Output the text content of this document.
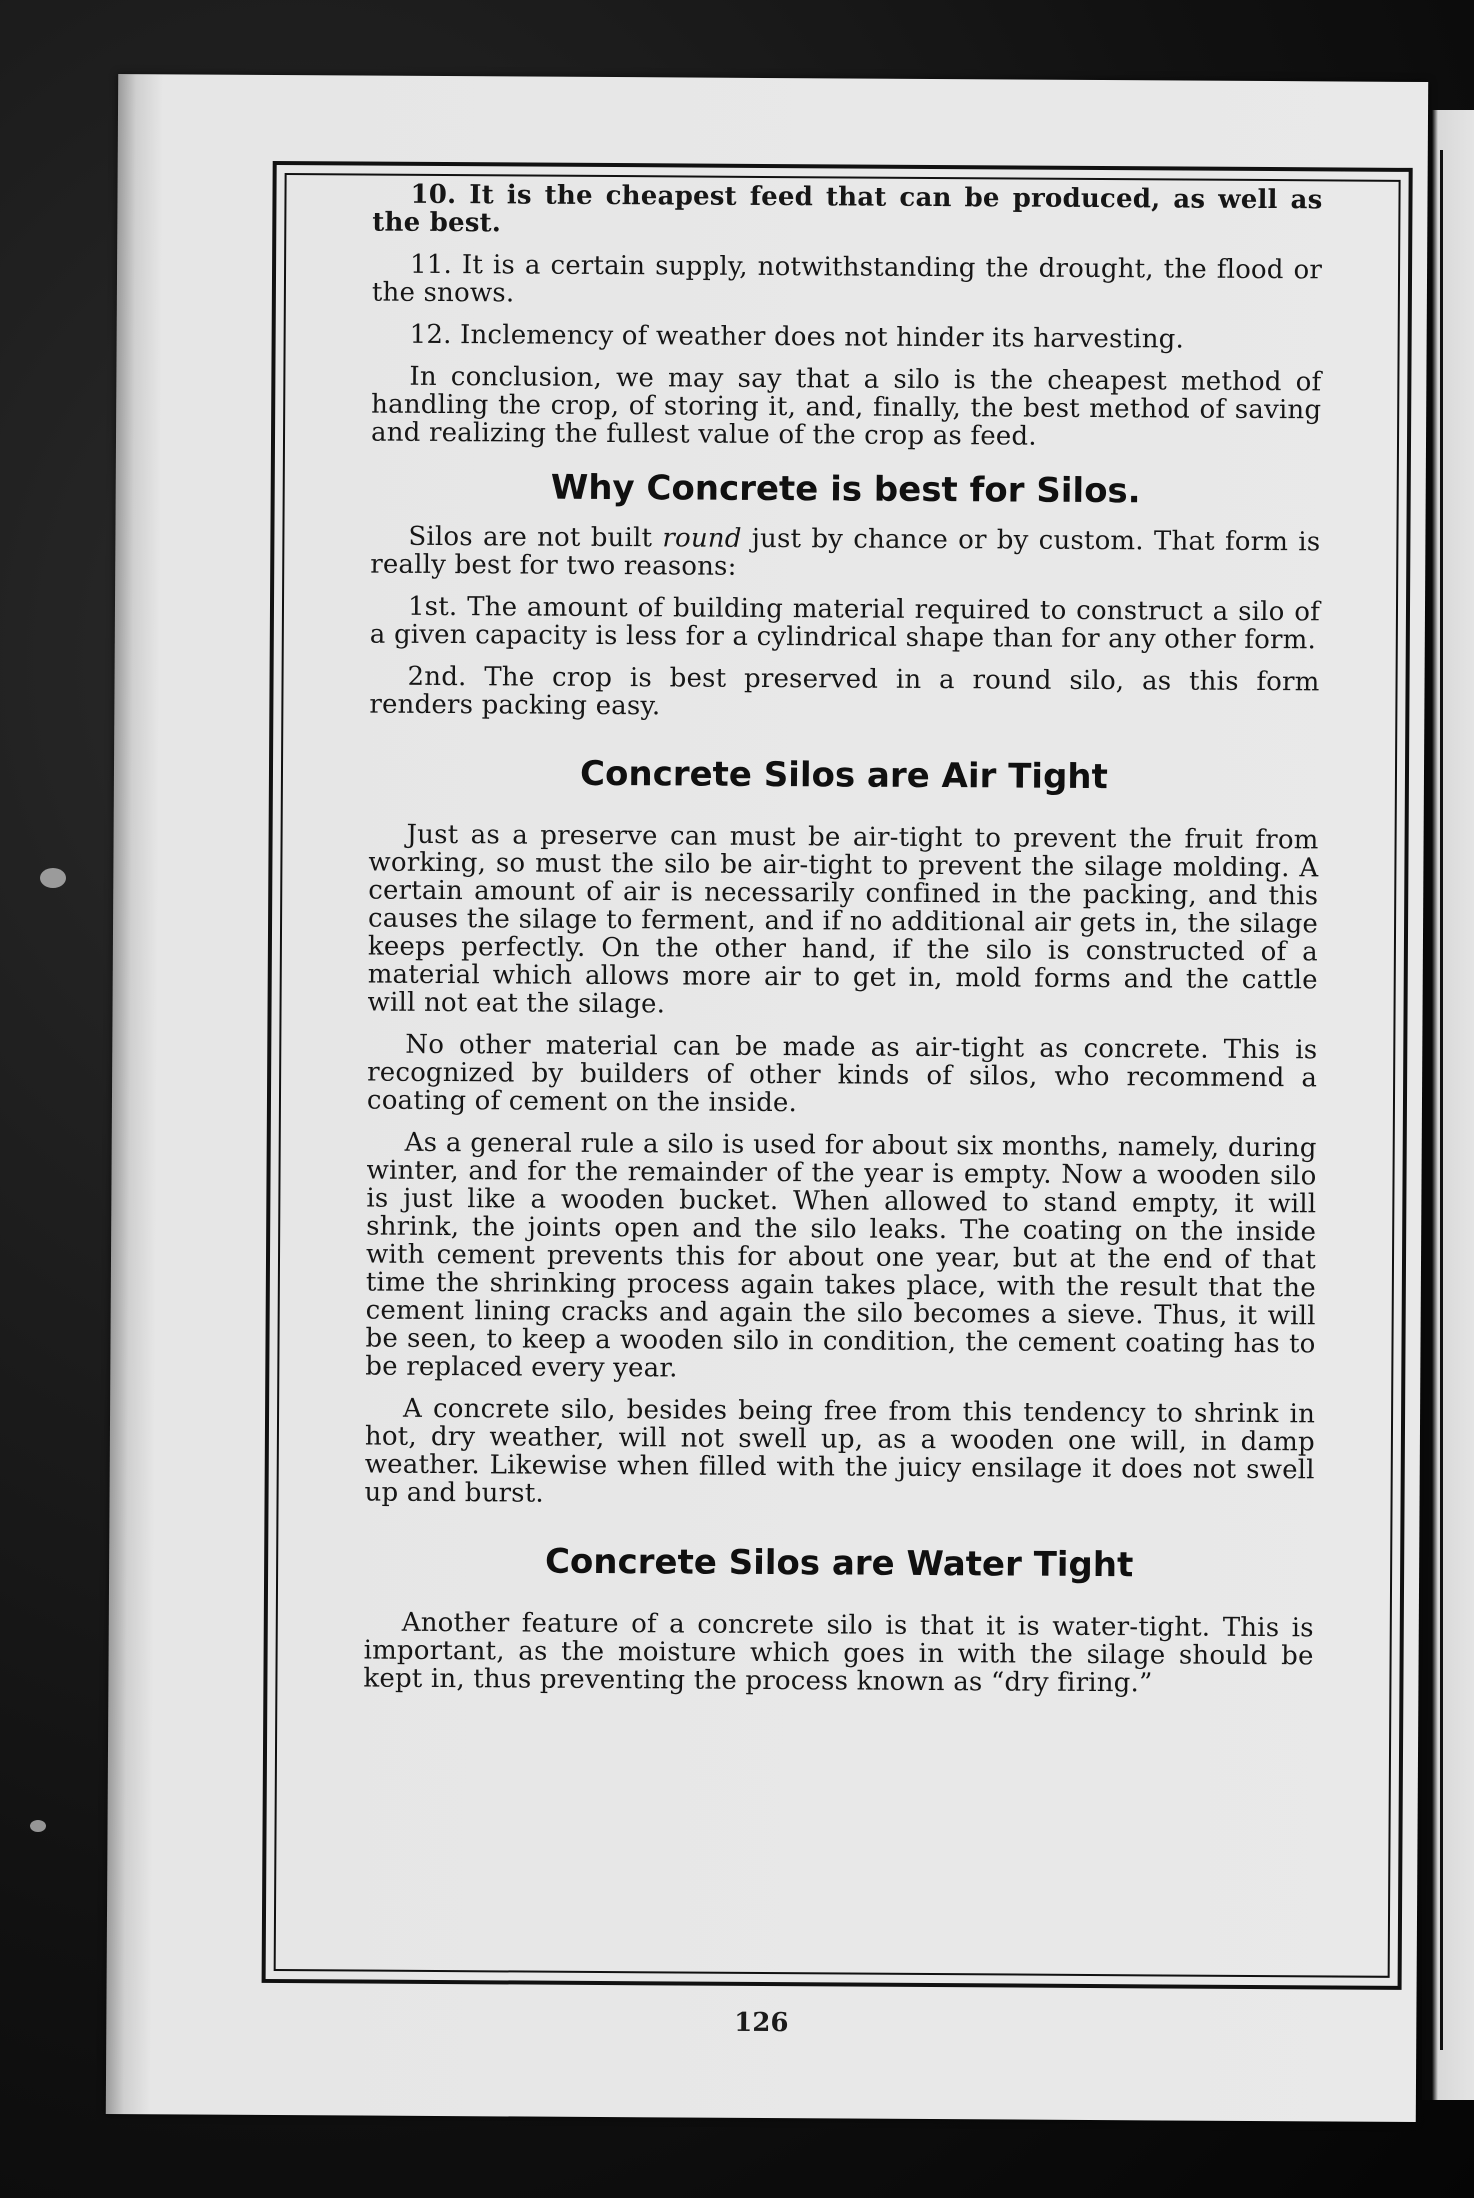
10. It is the cheapest feed that can be produced, as well as the best.

11. It is a certain supply, notwithstanding the drought, the flood or the snows.

12. Inclemency of weather does not hinder its harvesting.

In conclusion, we may say that a silo is the cheapest method of handling the crop, of storing it, and, finally, the best method of saving and realizing the fullest value of the crop as feed.

Why Concrete is best for Silos.

Silos are not built round just by chance or by custom. That form is really best for two reasons:

1st. The amount of building material required to construct a silo of a given capacity is less for a cylindrical shape than for any other form.

2nd. The crop is best preserved in a round silo, as this form renders packing easy.

Concrete Silos are Air Tight

Just as a preserve can must be air-tight to prevent the fruit from working, so must the silo be air-tight to prevent the silage molding. A certain amount of air is necessarily confined in the packing, and this causes the silage to ferment, and if no additional air gets in, the silage keeps perfectly. On the other hand, if the silo is constructed of a material which allows more air to get in, mold forms and the cattle will not eat the silage.

No other material can be made as air-tight as concrete. This is recognized by builders of other kinds of silos, who recommend a coating of cement on the inside.

As a general rule a silo is used for about six months, namely, during winter, and for the remainder of the year is empty. Now a wooden silo is just like a wooden bucket. When allowed to stand empty, it will shrink, the joints open and the silo leaks. The coating on the inside with cement prevents this for about one year, but at the end of that time the shrinking process again takes place, with the result that the cement lining cracks and again the silo becomes a sieve. Thus, it will be seen, to keep a wooden silo in condition, the cement coating has to be replaced every year.

A concrete silo, besides being free from this tendency to shrink in hot, dry weather, will not swell up, as a wooden one will, in damp weather. Likewise when filled with the juicy ensilage it does not swell up and burst.

Concrete Silos are Water Tight

Another feature of a concrete silo is that it is water-tight. This is important, as the moisture which goes in with the silage should be kept in, thus preventing the process known as “dry firing.”

126
